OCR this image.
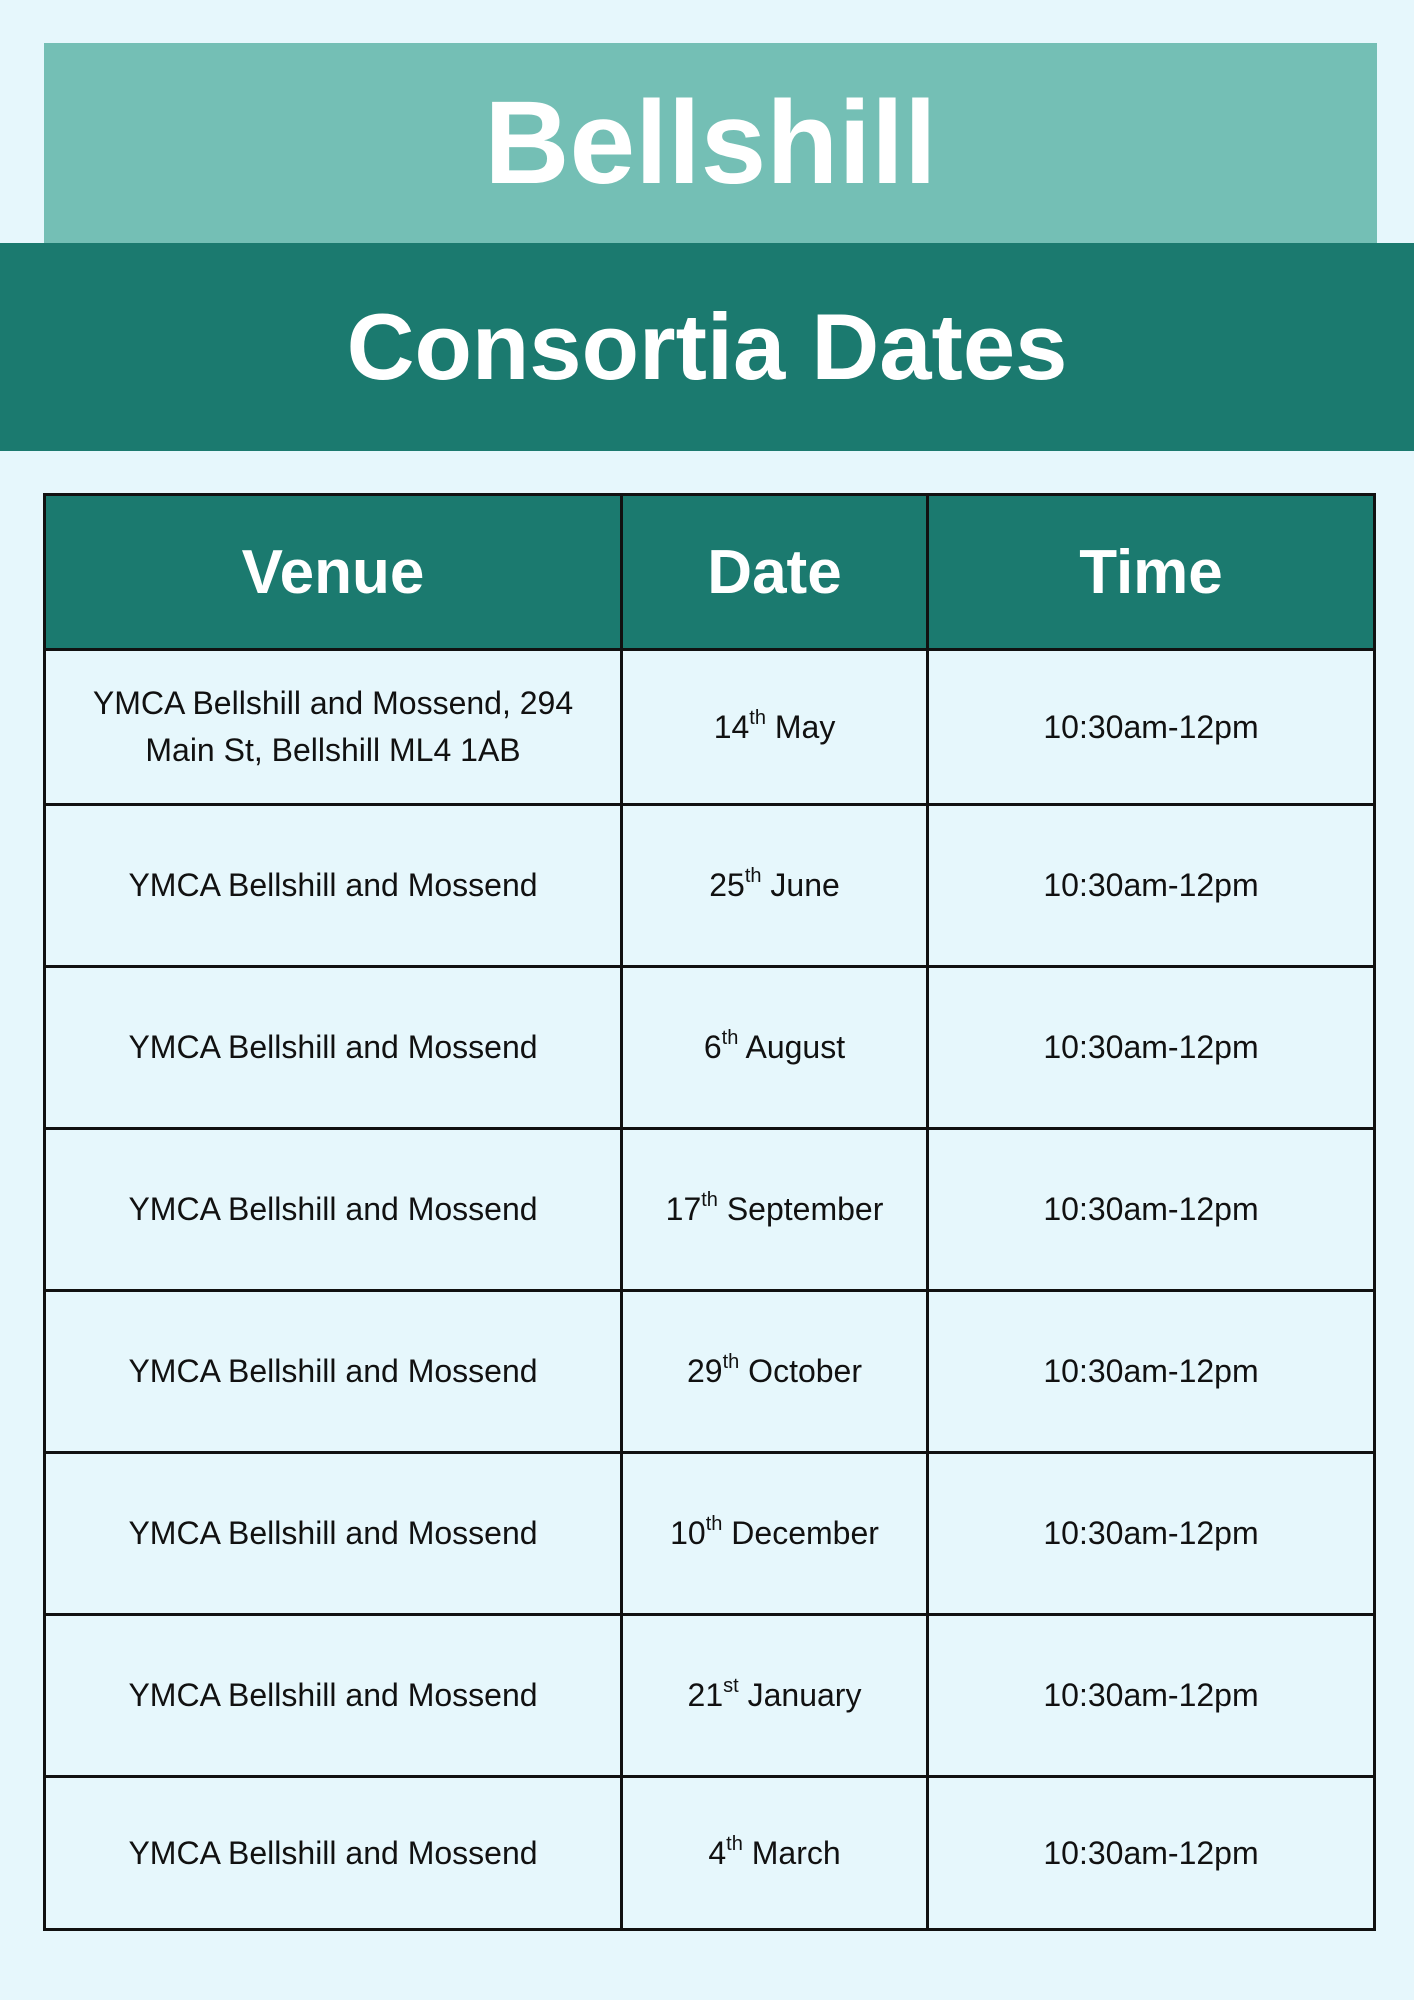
Bellshill
Consortia Dates
Venue	Date	Time
YMCA Bellshill and Mossend, 294 Main St, Bellshill ML4 1AB	14th May	10:30am-12pm
YMCA Bellshill and Mossend	25th June	10:30am-12pm
YMCA Bellshill and Mossend	6th August	10:30am-12pm
YMCA Bellshill and Mossend	17th September	10:30am-12pm
YMCA Bellshill and Mossend	29th October	10:30am-12pm
YMCA Bellshill and Mossend	10th December	10:30am-12pm
YMCA Bellshill and Mossend	21st January	10:30am-12pm
YMCA Bellshill and Mossend	4th March	10:30am-12pm
